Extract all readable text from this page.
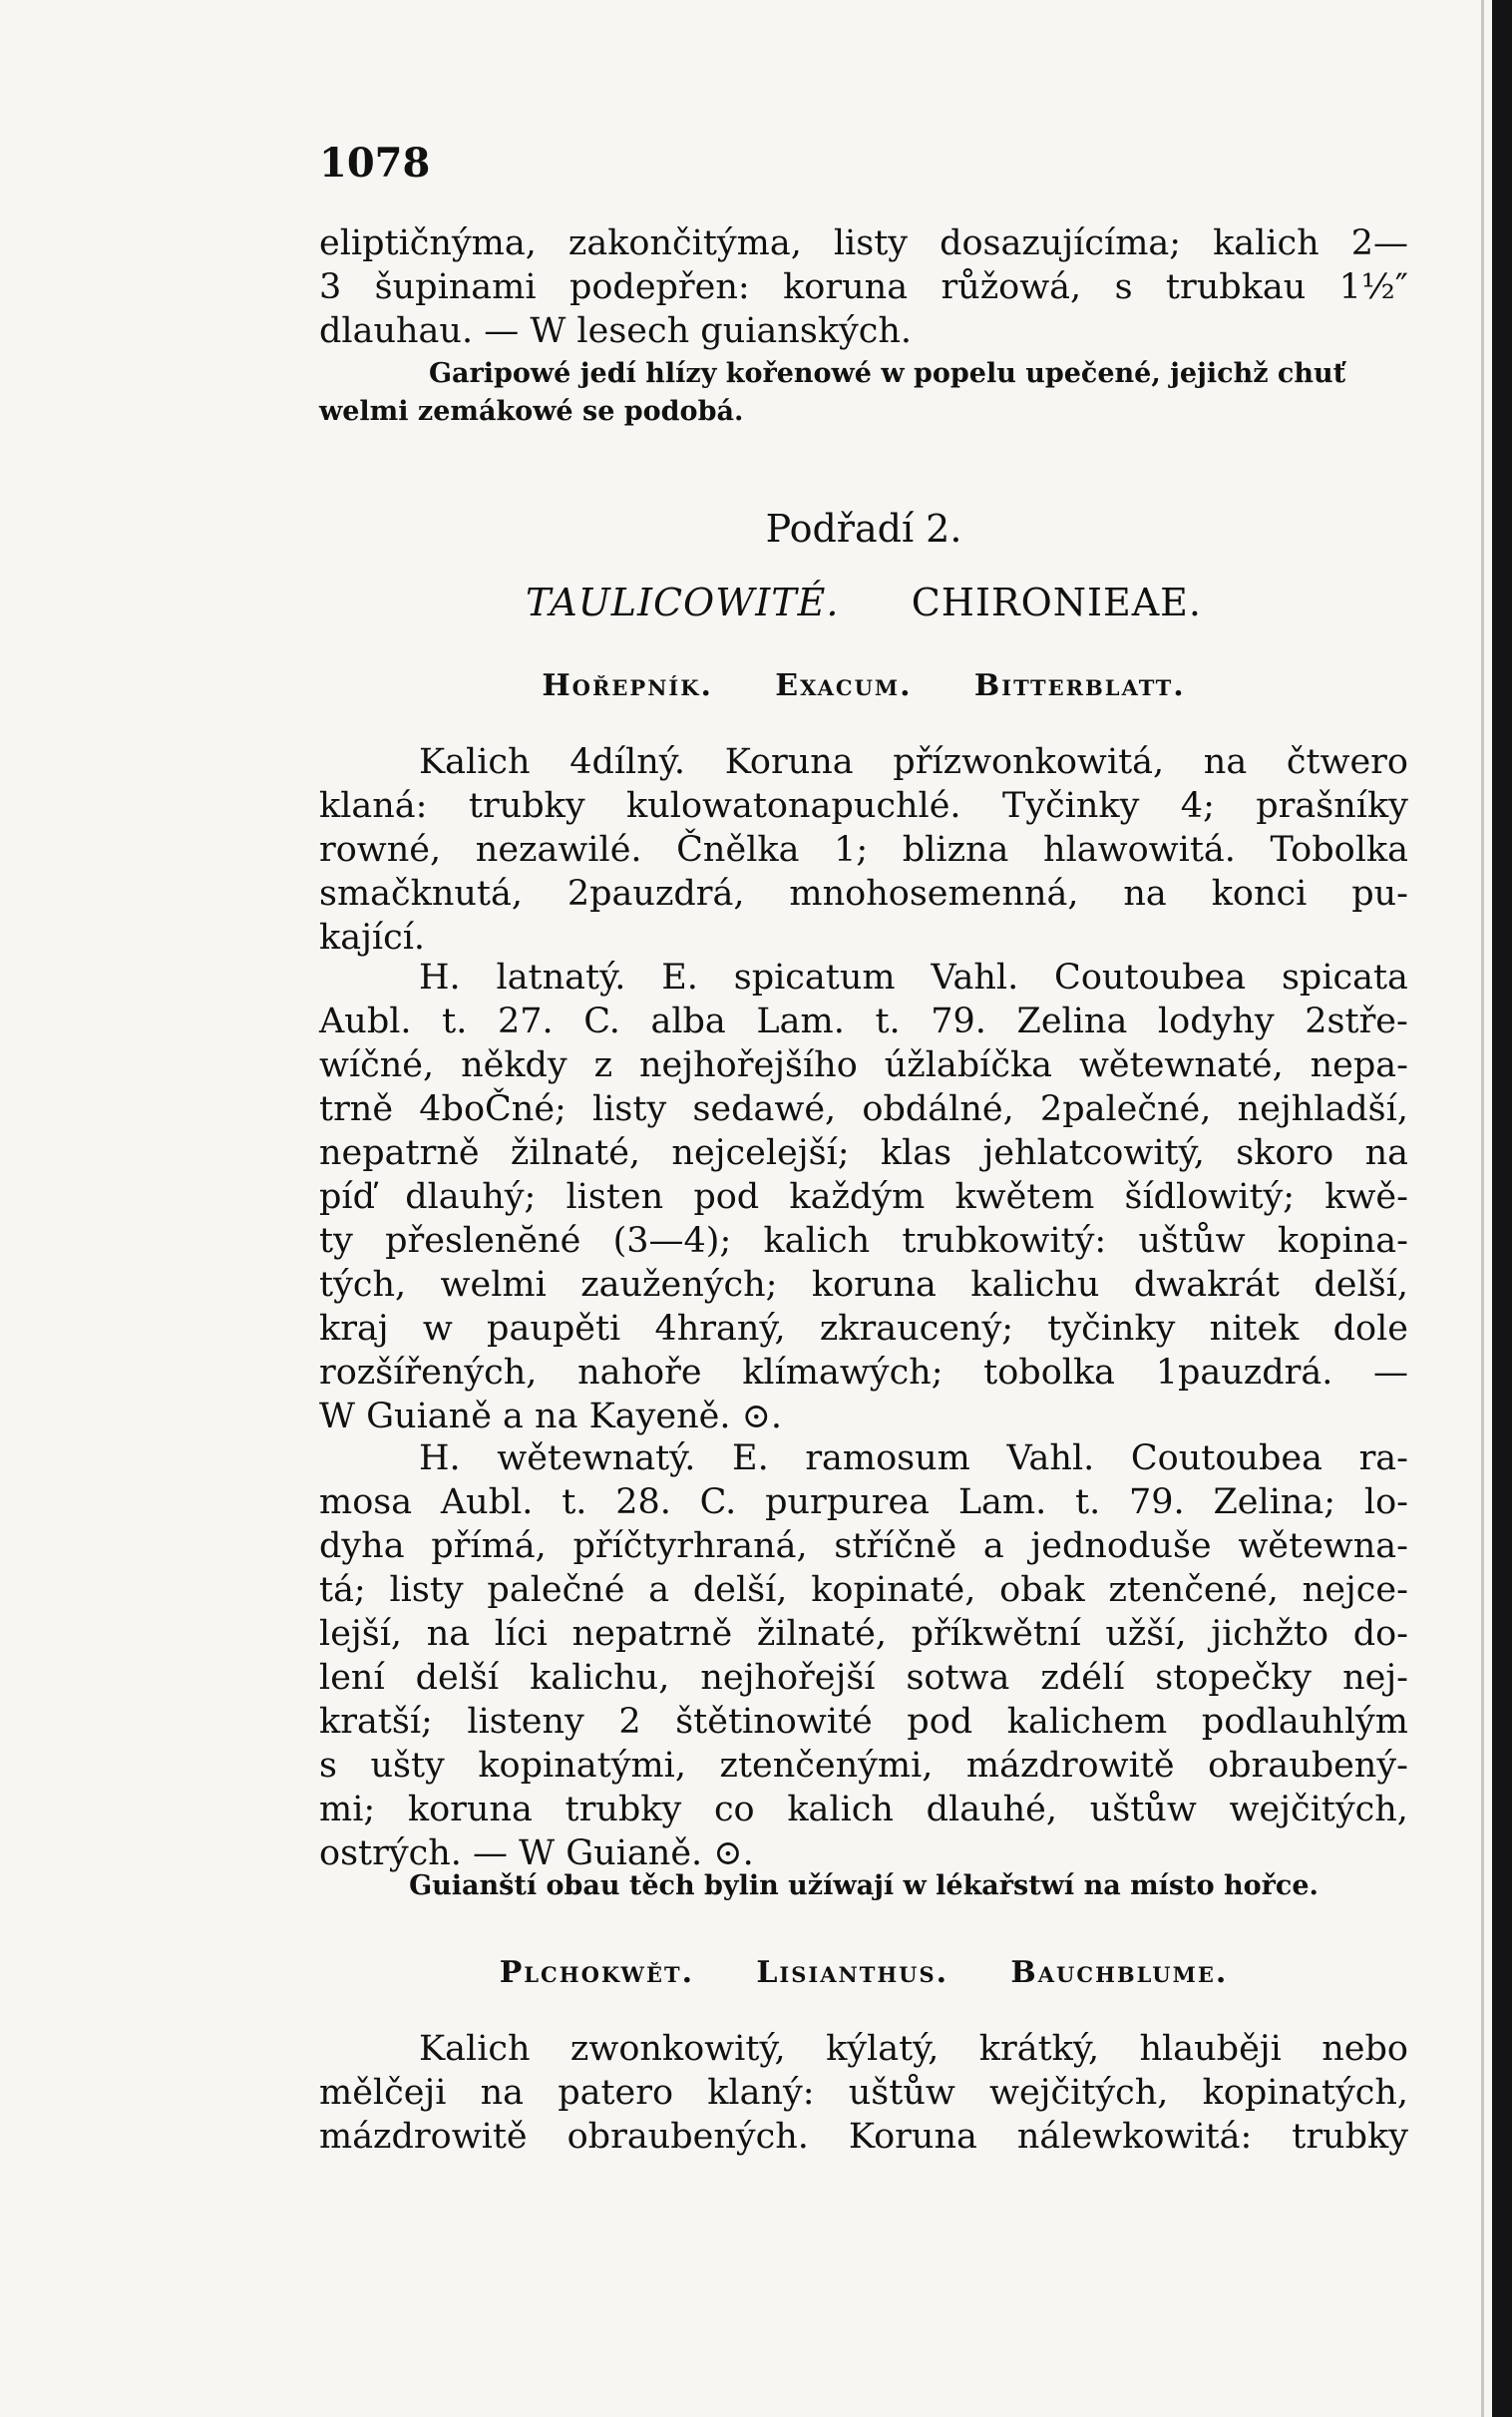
1078
eliptičnýma, zakončitýma, listy dosazujícíma; kalich 2—
3 šupinami podepřen: koruna růžowá, s trubkau 1½″
dlauhau. — W lesech guianských.
Garipowé jedí hlízy kořenowé w popelu upečené, jejichž chuť
welmi zemákowé se podobá.
Podřadí 2.
TAULICOWITÉ. CHIRONIEAE.
Hořepník. Exacum. Bitterblatt.
Kalich 4dílný. Koruna přízwonkowitá, na čtwero
klaná: trubky kulowatonapuchlé. Tyčinky 4; prašníky
rowné, nezawilé. Čnělka 1; blizna hlawowitá. Tobolka
smačknutá, 2pauzdrá, mnohosemenná, na konci pu-
kající.
H. latnatý. E. spicatum Vahl. Coutoubea spicata
Aubl. t. 27. C. alba Lam. t. 79. Zelina lodyhy 2stře-
wíčné, někdy z nejhořejšího úžlabíčka wětewnaté, nepa-
trně 4boČné; listy sedawé, obdálné, 2palečné, nejhladší,
nepatrně žilnaté, nejcelejší; klas jehlatcowitý, skoro na
píď dlauhý; listen pod každým kwětem šídlowitý; kwě-
ty přeslenĕné (3—4); kalich trubkowitý: uštůw kopina-
tých, welmi zaužených; koruna kalichu dwakrát delší,
kraj w paupěti 4hraný, zkraucený; tyčinky nitek dole
rozšířených, nahoře klímawých; tobolka 1pauzdrá. —
W Guianě a na Kayeně. ⊙.
H. wětewnatý. E. ramosum Vahl. Coutoubea ra-
mosa Aubl. t. 28. C. purpurea Lam. t. 79. Zelina; lo-
dyha přímá, příčtyrhraná, stříčně a jednoduše wětewna-
tá; listy palečné a delší, kopinaté, obak ztenčené, nejce-
lejší, na líci nepatrně žilnaté, příkwětní užší, jichžto do-
lení delší kalichu, nejhořejší sotwa zdélí stopečky nej-
kratší; listeny 2 štětinowité pod kalichem podlauhlým
s ušty kopinatými, ztenčenými, mázdrowitě obraubený-
mi; koruna trubky co kalich dlauhé, uštůw wejčitých,
ostrých. — W Guianě. ⊙.
Guianští obau těch bylin užíwají w lékařstwí na místo hořce.
Plchokwět. Lisianthus. Bauchblume.
Kalich zwonkowitý, kýlatý, krátký, hlauběji nebo
mělčeji na patero klaný: uštůw wejčitých, kopinatých,
mázdrowitě obraubených. Koruna nálewkowitá: trubky
